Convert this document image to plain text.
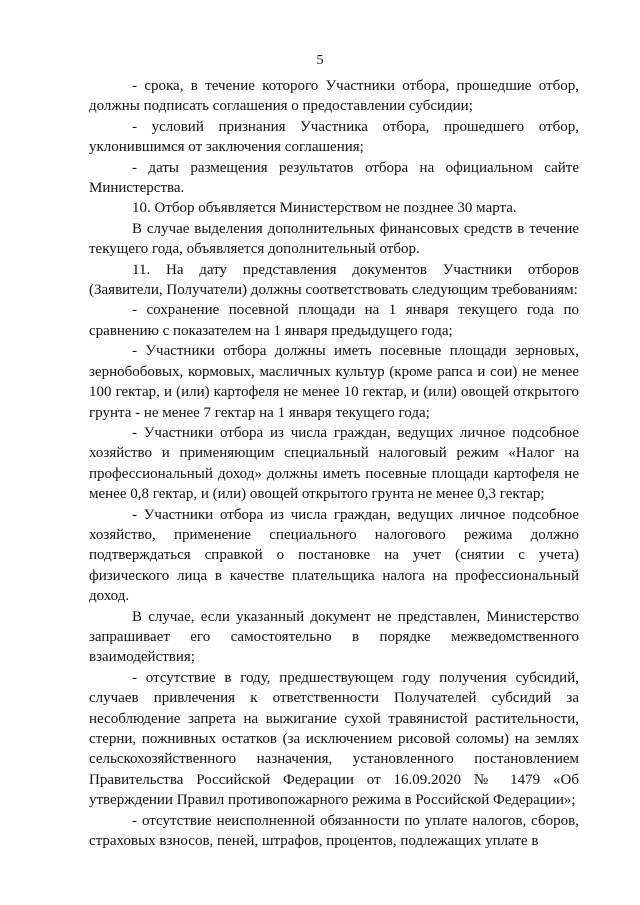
5

- срока, в течение которого Участники отбора, прошедшие отбор, должны подписать соглашения о предоставлении субсидии;

- условий признания Участника отбора, прошедшего отбор, уклонившимся от заключения соглашения;

- даты размещения результатов отбора на официальном сайте Министерства.

10. Отбор объявляется Министерством не позднее 30 марта.

В случае выделения дополнительных финансовых средств в течение текущего года, объявляется дополнительный отбор.

11. На дату представления документов Участники отборов (Заявители, Получатели) должны соответствовать следующим требованиям:

- сохранение посевной площади на 1 января текущего года по сравнению с показателем на 1 января предыдущего года;

- Участники отбора должны иметь посевные площади зерновых, зернобобовых, кормовых, масличных культур (кроме рапса и сои) не менее 100 гектар, и (или) картофеля не менее 10 гектар, и (или) овощей открытого грунта - не менее 7 гектар на 1 января текущего года;

- Участники отбора из числа граждан, ведущих личное подсобное хозяйство и применяющим специальный налоговый режим «Налог на профессиональный доход» должны иметь посевные площади картофеля не менее 0,8 гектар, и (или) овощей открытого грунта не менее 0,3 гектар;

- Участники отбора из числа граждан, ведущих личное подсобное хозяйство, применение специального налогового режима должно подтверждаться справкой о постановке на учет (снятии с учета) физического лица в качестве плательщика налога на профессиональный доход.

В случае, если указанный документ не представлен, Министерство запрашивает его самостоятельно в порядке межведомственного взаимодействия;

- отсутствие в году, предшествующем году получения субсидий, случаев привлечения к ответственности Получателей субсидий за несоблюдение запрета на выжигание сухой травянистой растительности, стерни, пожнивных остатков (за исключением рисовой соломы) на землях сельскохозяйственного назначения, установленного постановлением Правительства Российской Федерации от 16.09.2020 № 1479 «Об утверждении Правил противопожарного режима в Российской Федерации»;

- отсутствие неисполненной обязанности по уплате налогов, сборов, страховых взносов, пеней, штрафов, процентов, подлежащих уплате в
